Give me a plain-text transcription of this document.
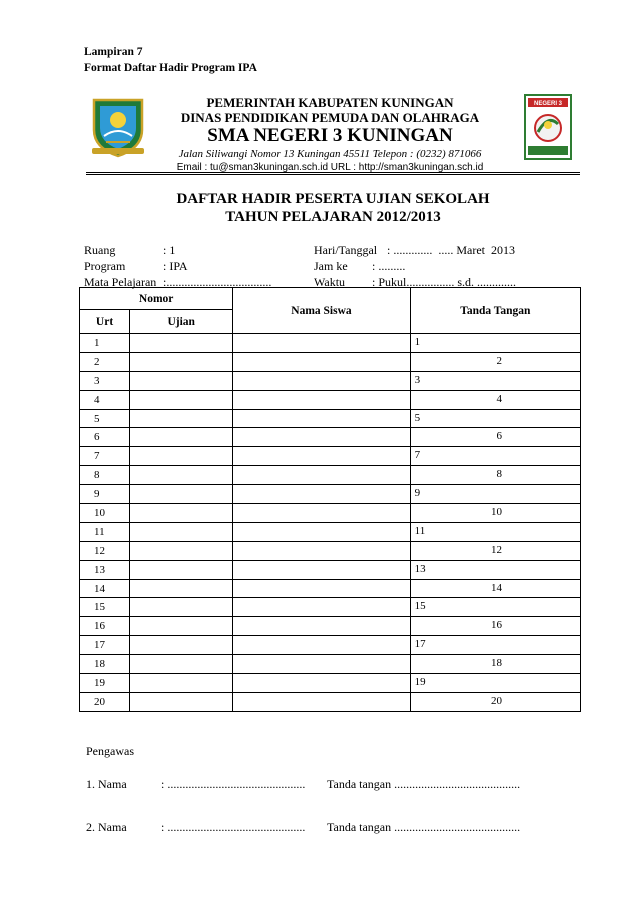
Lampiran 7
Format Daftar Hadir Program IPA
NEGERI 3
PEMERINTAH KABUPATEN KUNINGAN
DINAS PENDIDIKAN PEMUDA DAN OLAHRAGA
SMA NEGERI 3 KUNINGAN
Jalan Siliwangi Nomor 13 Kuningan 45511 Telepon : (0232) 871066
Email : tu@sman3kuningan.sch.id URL : http://sman3kuningan.sch.id
DAFTAR HADIR PESERTA UJIAN SEKOLAH
TAHUN PELAJARAN 2012/2013
Ruang	: 1
Program	: IPA
Mata Pelajaran :...................................
Hari/Tanggal : .............  ..... Maret  2013
Jam ke : .........
Waktu : Pukul................ s.d. .............
Nomor		Nama Siswa	Tanda Tangan
Urt	Ujian		
1			1

2			2

3			3

4			4

5			5

6			6

7			7

8			8

9			9

10			10

11			11

12			12

13			13

14			14

15			15

16			16

17			17

18			18

19			19

20			20
Pengawas
1. Nama	: .............................................. Tanda tangan ..........................................
2. Nama	: .............................................. Tanda tangan ..........................................
